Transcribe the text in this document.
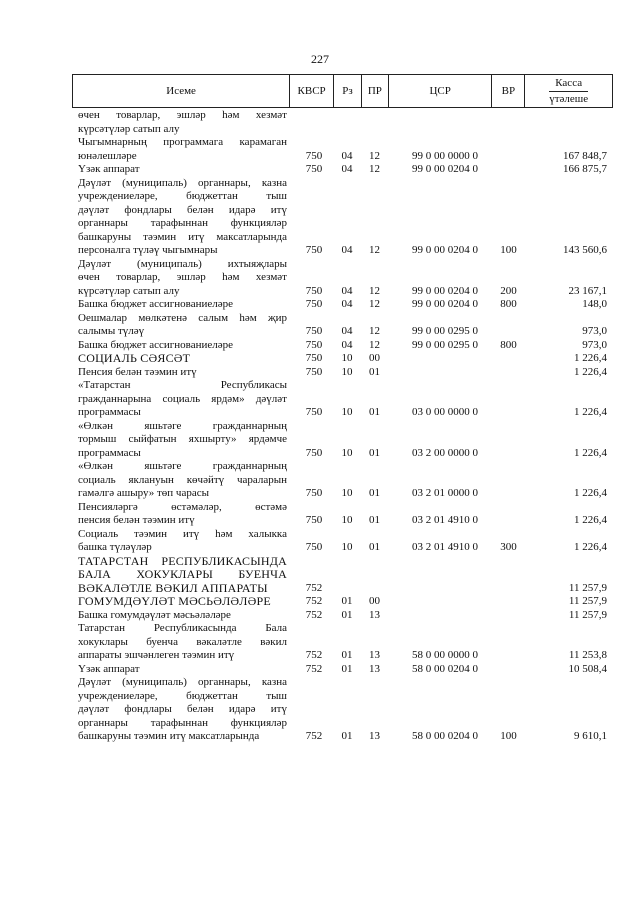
227
Исеме	КВСР	Рз	ПР	ЦСР	ВР
Касса
үтәлеше
өчен товарлар, эшләр һәм хезмәт
күрсәтүләр сатып алу
Чыгымнарның программага карамаган
юнәлешләре	750	04	12	99 0 00 0000 0	167 848,7
Үзәк аппарат	750	04	12	99 0 00 0204 0	166 875,7
Дәүләт (муниципаль) органнары, казна
учреждениеләре, бюджеттан тыш
дәүләт фондлары белән идарә итү
органнары тарафыннан функцияләр
башкаруны тәэмин итү максатларында
персоналга түләү чыгымнары	750	04	12	99 0 00 0204 0	100	143 560,6
Дәүләт (муниципаль) ихтыяҗлары
өчен товарлар, эшләр һәм хезмәт
күрсәтүләр сатып алу	750	04	12	99 0 00 0204 0	200	23 167,1
Башка бюджет ассигнованиеләре	750	04	12	99 0 00 0204 0	800	148,0
Оешмалар мөлкәтенә салым һәм җир
салымы түләү	750	04	12	99 0 00 0295 0	973,0
Башка бюджет ассигнованиеләре	750	04	12	99 0 00 0295 0	800	973,0
СОЦИАЛЬ СӘЯСӘТ	750	10	00	1 226,4
Пенсия белән тәэмин итү	750	10	01	1 226,4
«Татарстан Республикасы
гражданнарына социаль ярдәм» дәүләт
программасы	750	10	01	03 0 00 0000 0	1 226,4
«Өлкән яшьтәге гражданнарның
тормыш сыйфатын яхшырту» ярдәмче
программасы	750	10	01	03 2 00 0000 0	1 226,4
«Өлкән яшьтәге гражданнарның
социаль яклануын көчәйтү чараларын
гамәлгә ашыру» төп чарасы	750	10	01	03 2 01 0000 0	1 226,4
Пенсияләргә өстәмәләр, өстәмә
пенсия белән тәэмин итү	750	10	01	03 2 01 4910 0	1 226,4
Социаль тәэмин итү һәм халыкка
башка түләүләр	750	10	01	03 2 01 4910 0	300	1 226,4
ТАТАРСТАН РЕСПУБЛИКАСЫНДА
БАЛА ХОКУКЛАРЫ БУЕНЧА
ВӘКАЛӘТЛЕ ВӘКИЛ АППАРАТЫ	752	11 257,9
ГОМУМДӘҮЛӘТ МӘСЬӘЛӘЛӘРЕ	752	01	00	11 257,9
Башка гомумдәүләт мәсьәләләре	752	01	13	11 257,9
Татарстан Республикасында Бала
хокуклары буенча вәкаләтле вәкил
аппараты эшчәнлеген тәэмин итү	752	01	13	58 0 00 0000 0	11 253,8
Үзәк аппарат	752	01	13	58 0 00 0204 0	10 508,4
Дәүләт (муниципаль) органнары, казна
учреждениеләре, бюджеттан тыш
дәүләт фондлары белән идарә итү
органнары тарафыннан функцияләр
башкаруны тәэмин итү максатларында	752	01	13	58 0 00 0204 0	100	9 610,1
